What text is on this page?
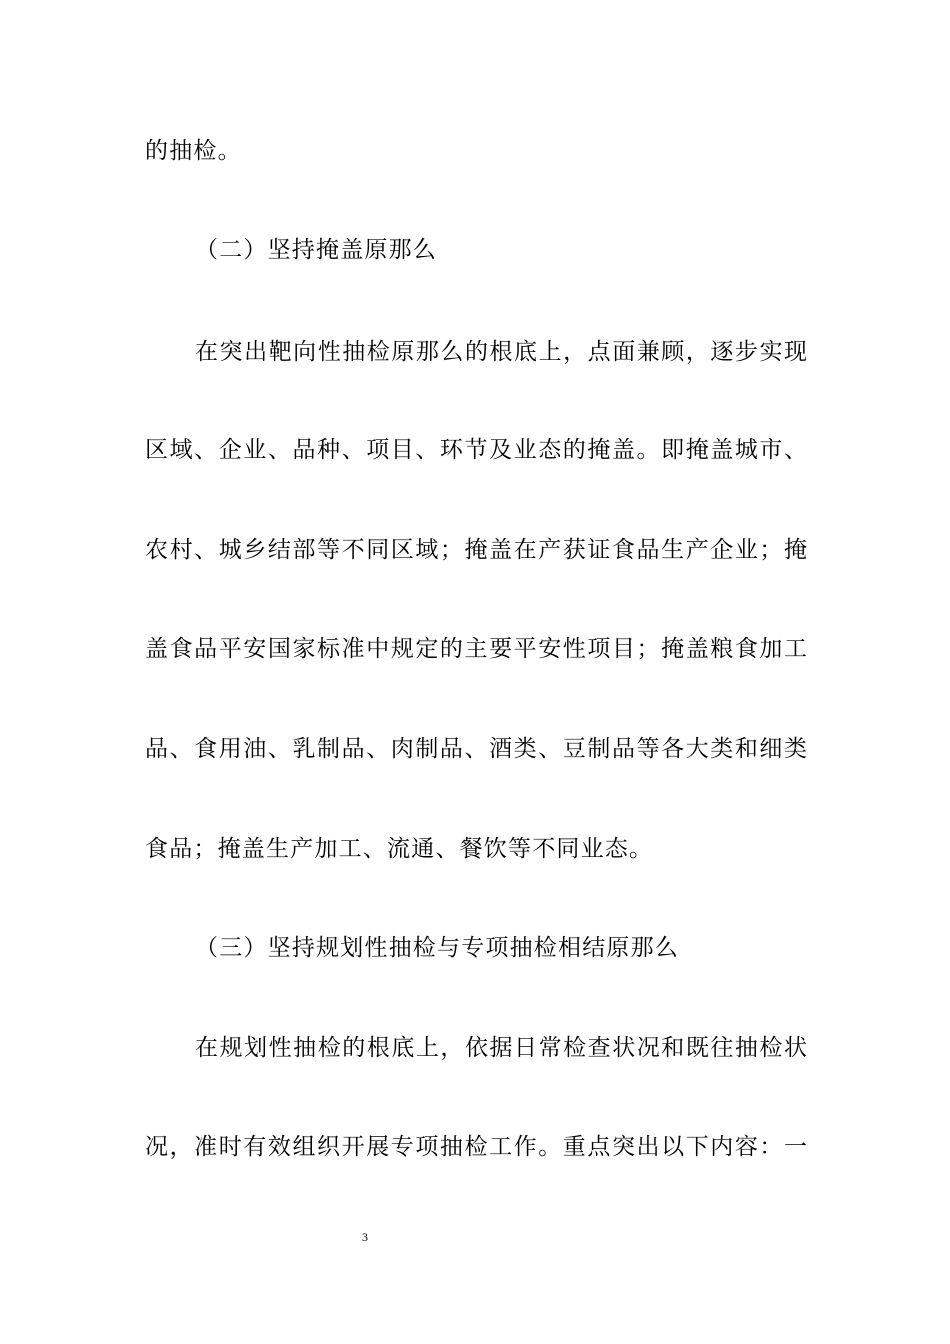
的抽检。
（二）坚持掩盖原那么
在突出靶向性抽检原那么的根底上，点面兼顾，逐步实现
区域、企业、品种、项目、环节及业态的掩盖。即掩盖城市、
农村、城乡结部等不同区域；掩盖在产获证食品生产企业；掩
盖食品平安国家标准中规定的主要平安性项目；掩盖粮食加工
品、食用油、乳制品、肉制品、酒类、豆制品等各大类和细类
食品；掩盖生产加工、流通、餐饮等不同业态。
（三）坚持规划性抽检与专项抽检相结原那么
在规划性抽检的根底上，依据日常检查状况和既往抽检状
况，准时有效组织开展专项抽检工作。重点突出以下内容：一
3
